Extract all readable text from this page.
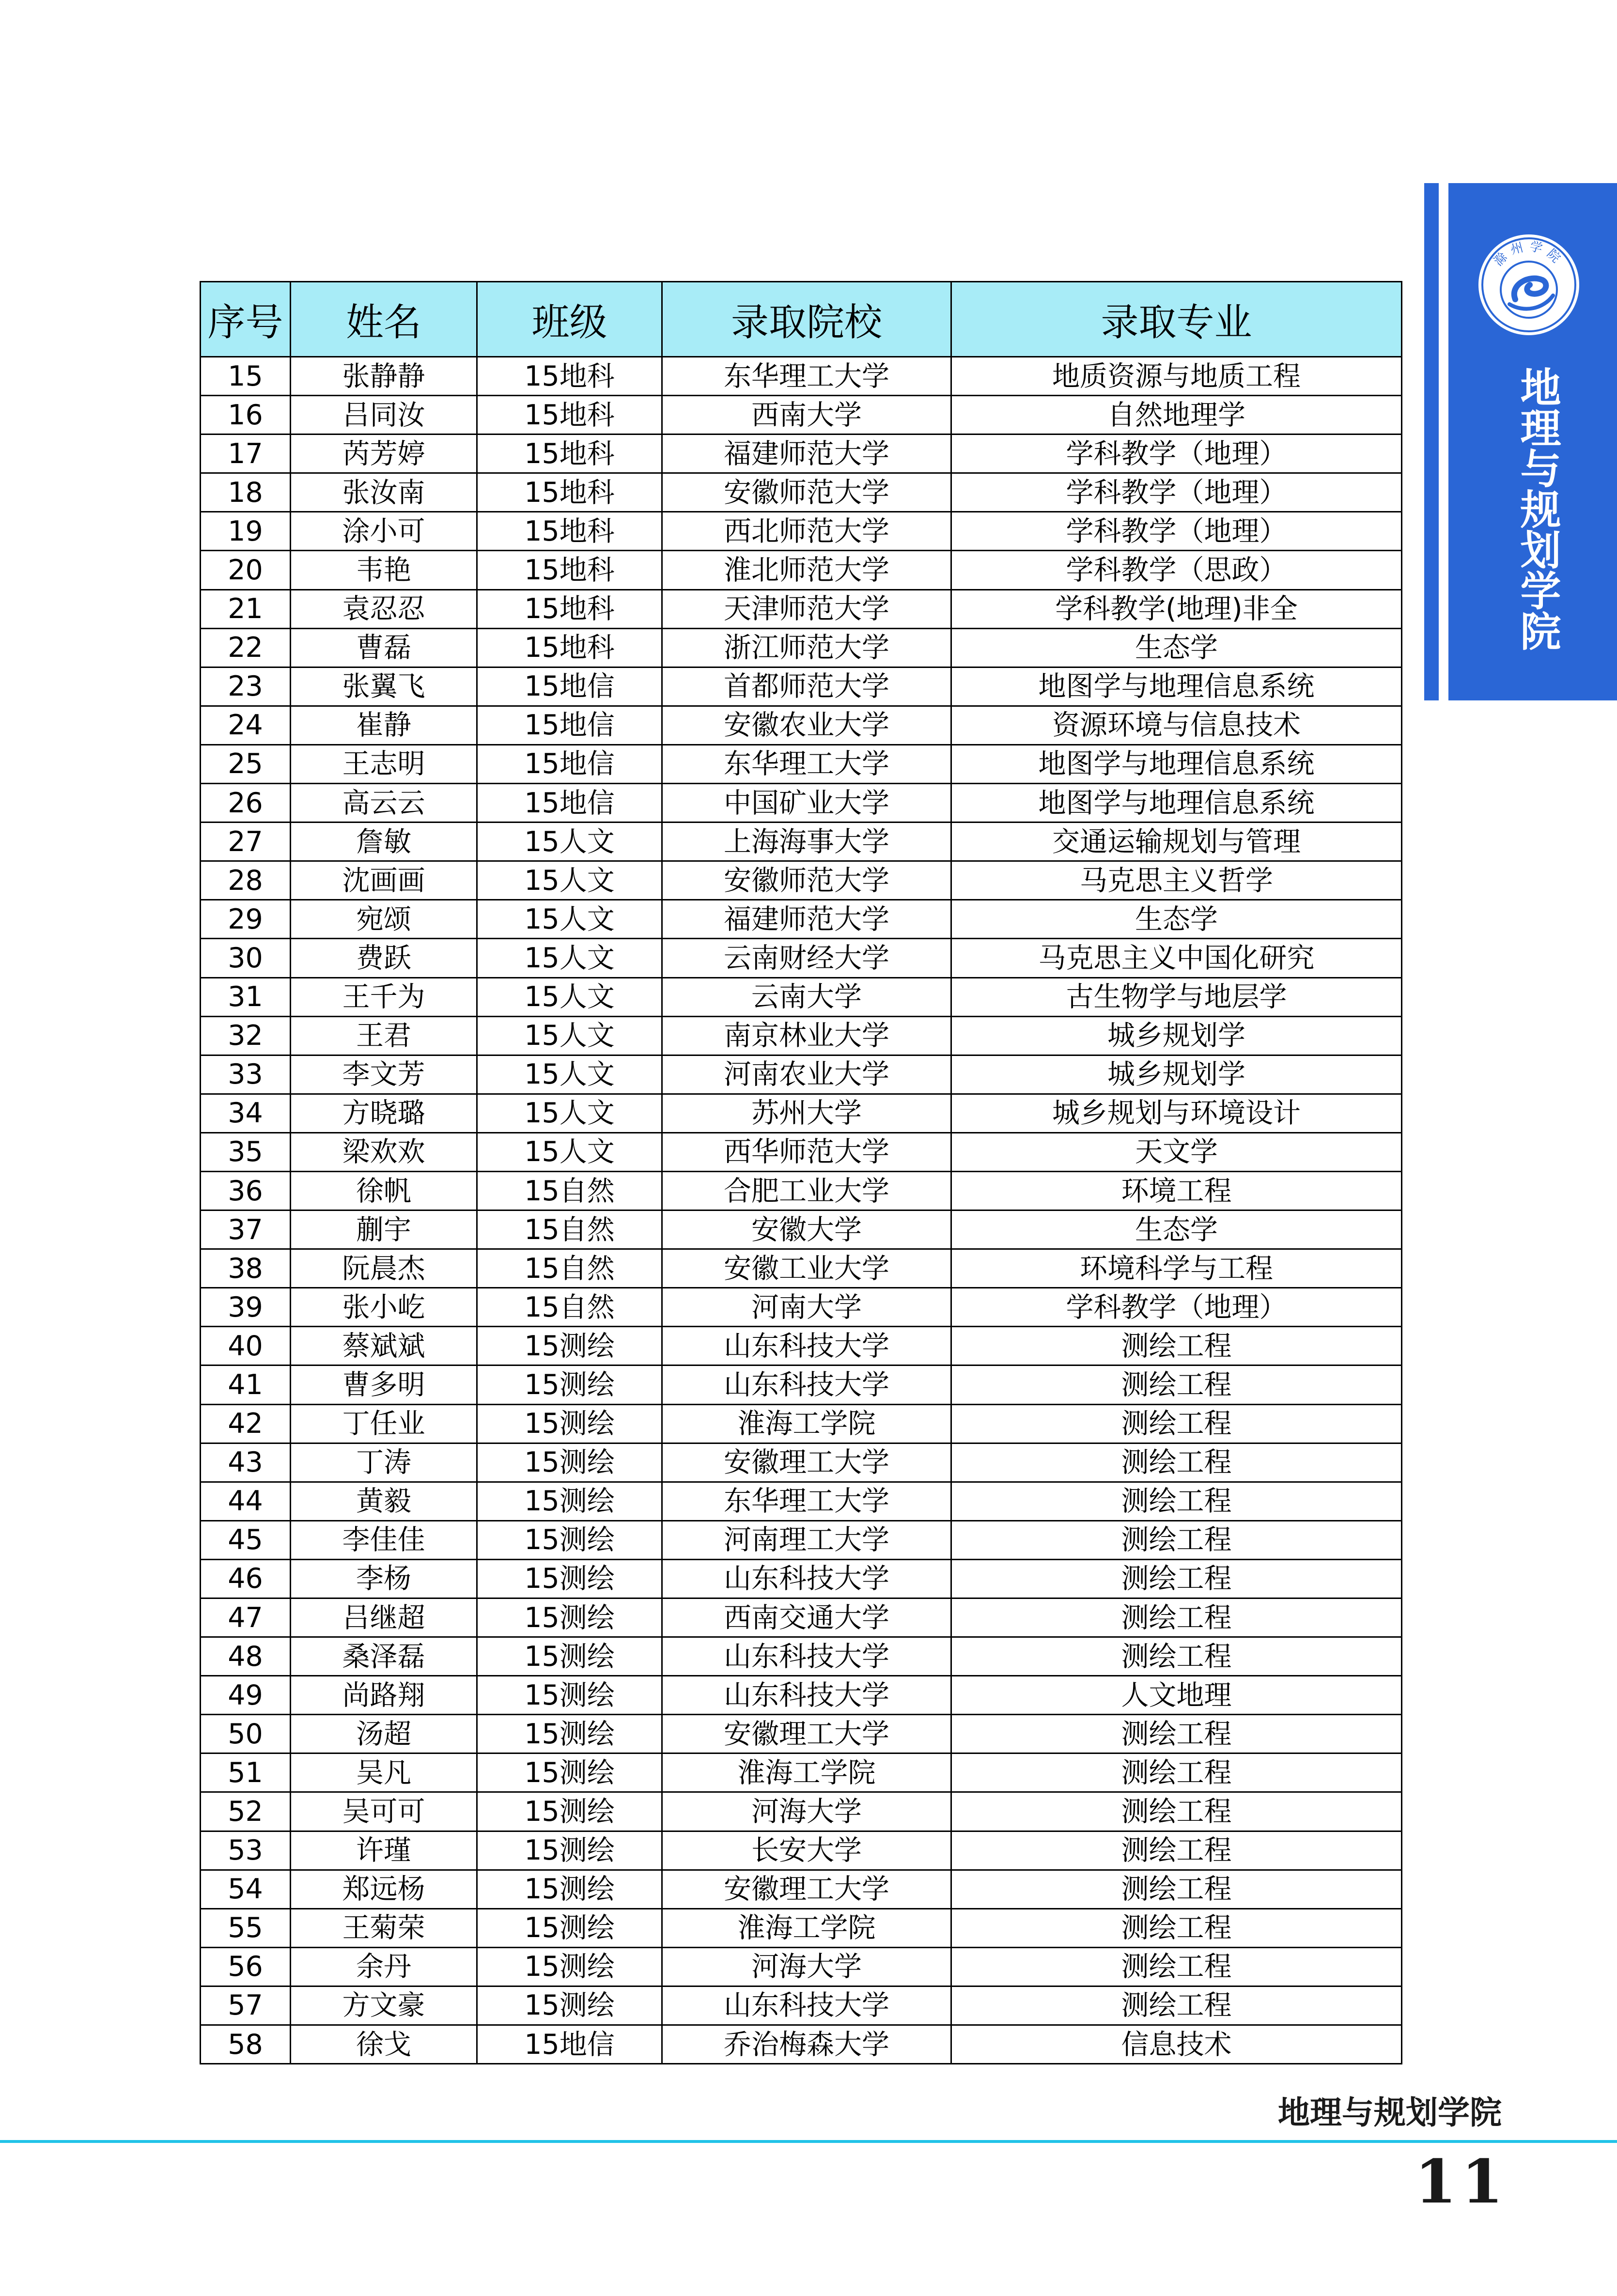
滁州学院
地理与规划学院
序号	姓名	班级	录取院校	录取专业
15	张静静	15地科	东华理工大学	地质资源与地质工程
16	吕同汝	15地科	西南大学	自然地理学
17	芮芳婷	15地科	福建师范大学	学科教学（地理）
18	张汝南	15地科	安徽师范大学	学科教学（地理）
19	涂小可	15地科	西北师范大学	学科教学（地理）
20	韦艳	15地科	淮北师范大学	学科教学（思政）
21	袁忍忍	15地科	天津师范大学	学科教学(地理)非全
22	曹磊	15地科	浙江师范大学	生态学
23	张翼飞	15地信	首都师范大学	地图学与地理信息系统
24	崔静	15地信	安徽农业大学	资源环境与信息技术
25	王志明	15地信	东华理工大学	地图学与地理信息系统
26	高云云	15地信	中国矿业大学	地图学与地理信息系统
27	詹敏	15人文	上海海事大学	交通运输规划与管理
28	沈画画	15人文	安徽师范大学	马克思主义哲学
29	宛颂	15人文	福建师范大学	生态学
30	费跃	15人文	云南财经大学	马克思主义中国化研究
31	王千为	15人文	云南大学	古生物学与地层学
32	王君	15人文	南京林业大学	城乡规划学
33	李文芳	15人文	河南农业大学	城乡规划学
34	方晓璐	15人文	苏州大学	城乡规划与环境设计
35	梁欢欢	15人文	西华师范大学	天文学
36	徐帆	15自然	合肥工业大学	环境工程
37	蒯宇	15自然	安徽大学	生态学
38	阮晨杰	15自然	安徽工业大学	环境科学与工程
39	张小屹	15自然	河南大学	学科教学（地理）
40	蔡斌斌	15测绘	山东科技大学	测绘工程
41	曹多明	15测绘	山东科技大学	测绘工程
42	丁任业	15测绘	淮海工学院	测绘工程
43	丁涛	15测绘	安徽理工大学	测绘工程
44	黄毅	15测绘	东华理工大学	测绘工程
45	李佳佳	15测绘	河南理工大学	测绘工程
46	李杨	15测绘	山东科技大学	测绘工程
47	吕继超	15测绘	西南交通大学	测绘工程
48	桑泽磊	15测绘	山东科技大学	测绘工程
49	尚路翔	15测绘	山东科技大学	人文地理
50	汤超	15测绘	安徽理工大学	测绘工程
51	吴凡	15测绘	淮海工学院	测绘工程
52	吴可可	15测绘	河海大学	测绘工程
53	许瑾	15测绘	长安大学	测绘工程
54	郑远杨	15测绘	安徽理工大学	测绘工程
55	王菊荣	15测绘	淮海工学院	测绘工程
56	余丹	15测绘	河海大学	测绘工程
57	方文豪	15测绘	山东科技大学	测绘工程
58	徐戈	15地信	乔治梅森大学	信息技术
地理与规划学院
11
